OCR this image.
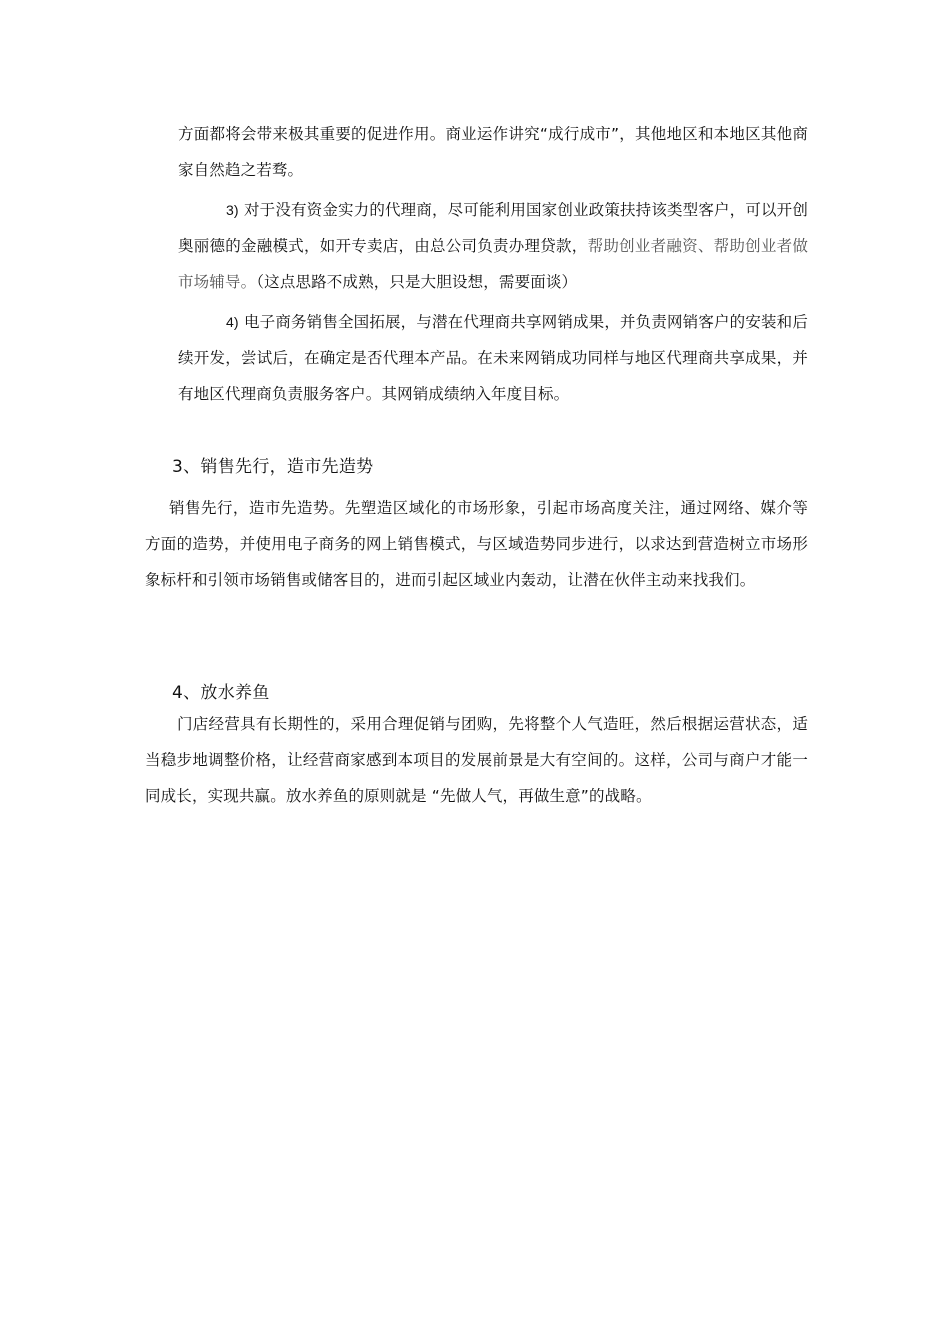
方面都将会带来极其重要的促进作用。商业运作讲究“成行成市”，其他地区和本地区其他商家自然趋之若骛。
3) 对于没有资金实力的代理商，尽可能利用国家创业政策扶持该类型客户，可以开创奥丽德的金融模式，如开专卖店，由总公司负责办理贷款，帮助创业者融资、帮助创业者做市场辅导。（这点思路不成熟，只是大胆设想，需要面谈）
4) 电子商务销售全国拓展，与潜在代理商共享网销成果，并负责网销客户的安装和后续开发，尝试后，在确定是否代理本产品。在未来网销成功同样与地区代理商共享成果，并有地区代理商负责服务客户。其网销成绩纳入年度目标。
3、销售先行，造市先造势
销售先行，造市先造势。先塑造区域化的市场形象，引起市场高度关注，通过网络、媒介等方面的造势，并使用电子商务的网上销售模式，与区域造势同步进行，以求达到营造树立市场形象标杆和引领市场销售或储客目的，进而引起区域业内轰动，让潜在伙伴主动来找我们。
4、放水养鱼
门店经营具有长期性的，采用合理促销与团购，先将整个人气造旺，然后根据运营状态，适当稳步地调整价格，让经营商家感到本项目的发展前景是大有空间的。这样，公司与商户才能一同成长，实现共赢。放水养鱼的原则就是 “先做人气，再做生意”的战略。
